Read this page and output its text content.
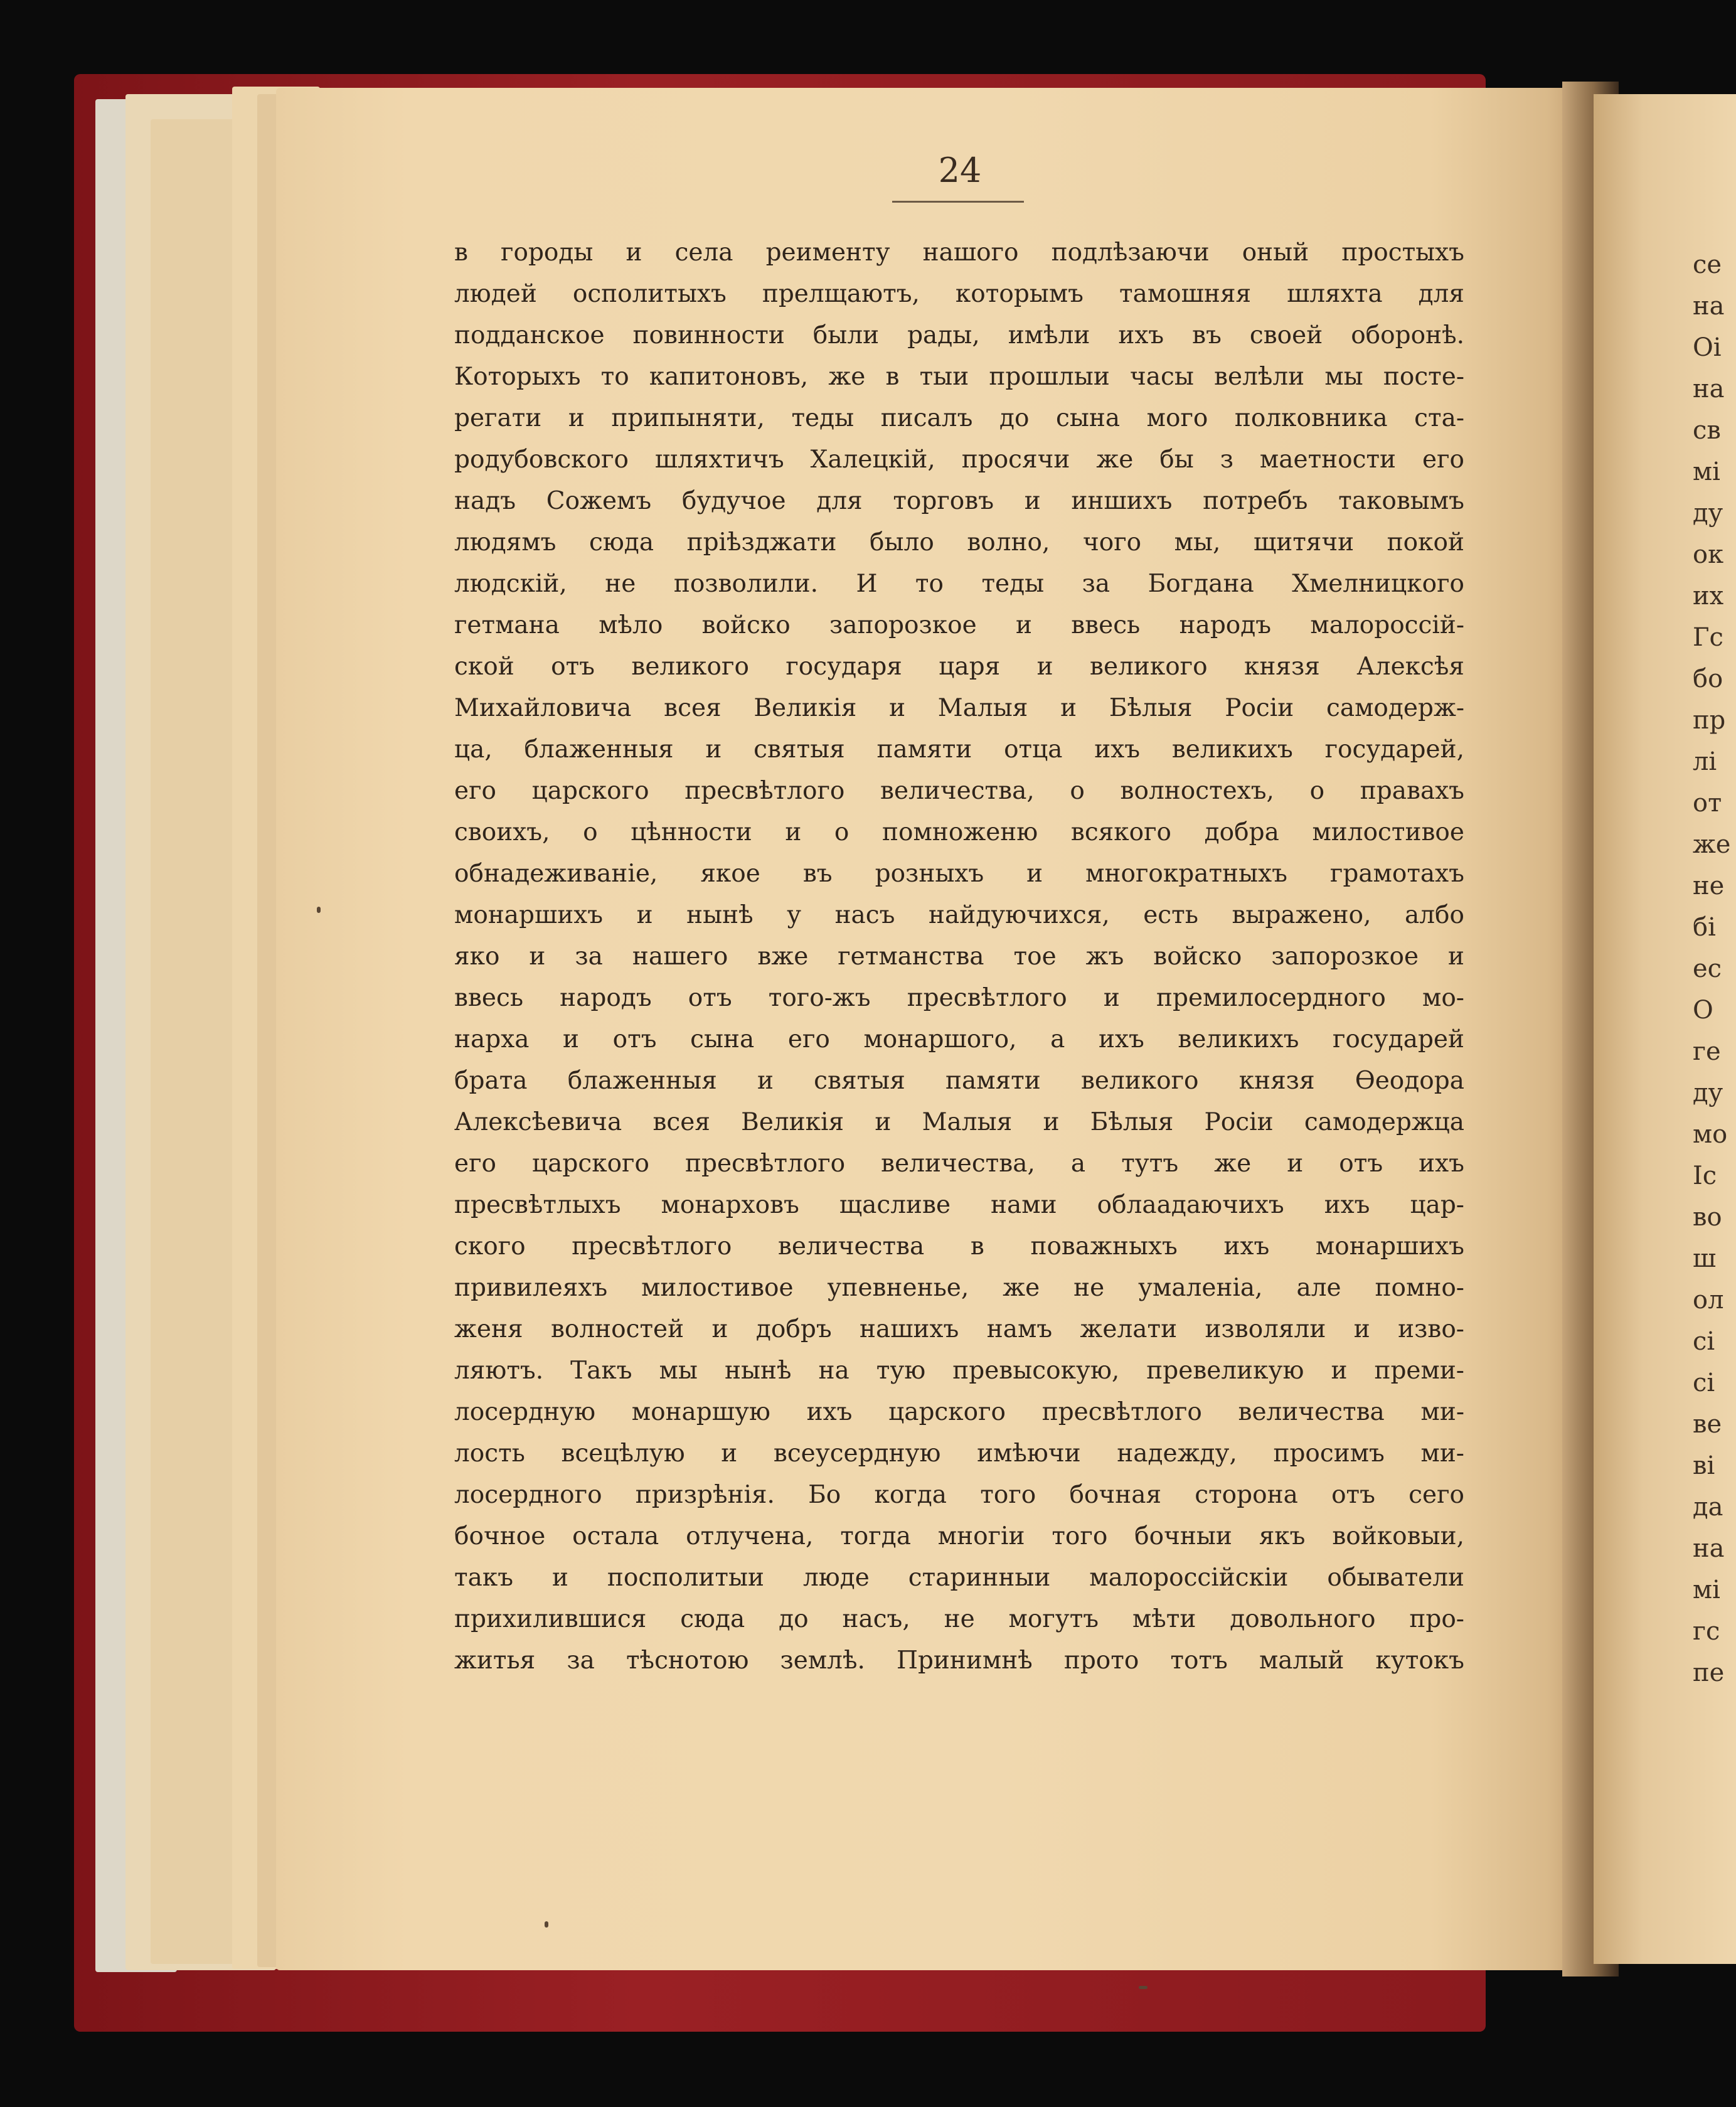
24
в городы и села реименту нашого подлѣзаючи оный простыхъ
людей осполитыхъ прелщаютъ, которымъ тамошняя шляхта для
подданское повинности были рады, имѣли ихъ въ своей оборонѣ.
Которыхъ то капитоновъ, же в тыи прошлыи часы велѣли мы посте-
регати и припыняти, теды писалъ до сына мого полковника ста-
родубовского шляхтичъ Халецкій, просячи же бы з маетности его
надъ Сожемъ будучое для торговъ и иншихъ потребъ таковымъ
людямъ сюда пріѣзджати было волно, чого мы, щитячи покой
людскій, не позволили. И то теды за Богдана Хмелницкого
гетмана мѣло войско запорозкое и ввесь народъ малороссій-
ской отъ великого государя царя и великого князя Алексѣя
Михайловича всея Великія и Малыя и Бѣлыя Росіи самодерж-
ца, блаженныя и святыя памяти отца ихъ великихъ государей,
его царского пресвѣтлого величества, о волностехъ, о правахъ
своихъ, о цѣнности и о помноженю всякого добра милостивое
обнадеживаніе, якое въ розныхъ и многократныхъ грамотахъ
монаршихъ и нынѣ у насъ найдуючихся, есть выражено, албо
яко и за нашего вже гетманства тое жъ войско запорозкое и
ввесь народъ отъ того-жъ пресвѣтлого и премилосердного мо-
нарха и отъ сына его монаршого, а ихъ великихъ государей
брата блаженныя и святыя памяти великого князя Ѳеодора
Алексѣевича всея Великія и Малыя и Бѣлыя Росіи самодержца
его царского пресвѣтлого величества, а тутъ же и отъ ихъ
пресвѣтлыхъ монарховъ щасливе нами облаадаючихъ ихъ цар-
ского пресвѣтлого величества в поважныхъ ихъ монаршихъ
привилеяхъ милостивое упевненье, же не умаленіа, але помно-
женя волностей и добръ нашихъ намъ желати изволяли и изво-
ляютъ. Такъ мы нынѣ на тую превысокую, превеликую и преми-
лосердную монаршую ихъ царского пресвѣтлого величества ми-
лость всецѣлую и всеусердную имѣючи надежду, просимъ ми-
лосердного призрѣнія. Бо когда того бочная сторона отъ сего
бочное остала отлучена, тогда многіи того бочныи якъ войковыи,
такъ и посполитыи люде старинныи малороссійскіи обыватели
прихилившися сюда до насъ, не могутъ мѣти довольного про-
житья за тѣснотою землѣ. Принимнѣ прото тотъ малый кутокъ
се
на
Оі
на
св
мі
ду
ок
их
Гс
бо
пр
лі
от
же
не
бі
ес
О
ге
ду
мо
Іс
во
ш
ол
сі
сі
ве
ві
да
на
мі
гс
пе
